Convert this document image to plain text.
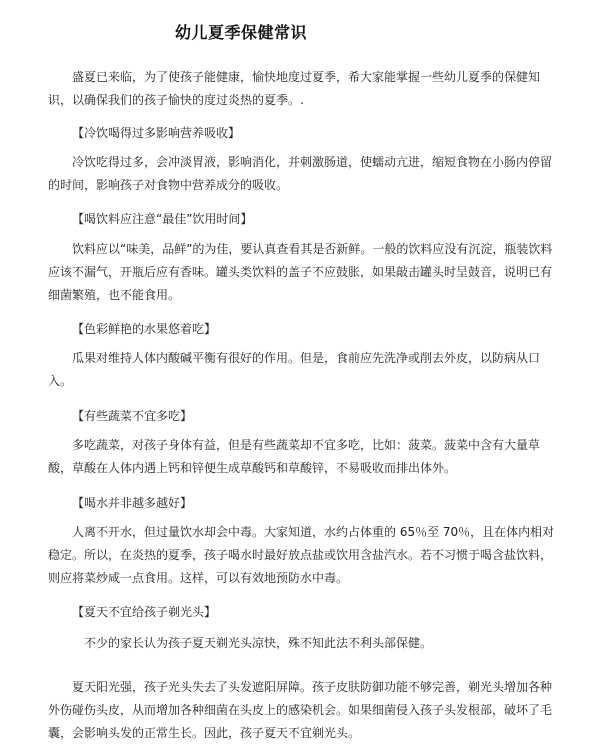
幼儿夏季保健常识

盛夏已来临，为了使孩子能健康，愉快地度过夏季，希大家能掌握一些幼儿夏季的保健知识，以确保我们的孩子愉快的度过炎热的夏季。.

【冷饮喝得过多影响营养吸收】

冷饮吃得过多，会冲淡胃液，影响消化，并刺激肠道，使蠕动亢进，缩短食物在小肠内停留的时间，影响孩子对食物中营养成分的吸收。

【喝饮料应注意“最佳”饮用时间】

饮料应以“味美，品鲜”的为佳，要认真查看其是否新鲜。一般的饮料应没有沉淀，瓶装饮料应该不漏气，开瓶后应有香味。罐头类饮料的盖子不应鼓胀，如果敲击罐头时呈鼓音，说明已有细菌繁殖，也不能食用。

【色彩鲜艳的水果悠着吃】

瓜果对维持人体内酸碱平衡有很好的作用。但是，食前应先洗净或削去外皮，以防病从口入。

【有些蔬菜不宜多吃】

多吃蔬菜，对孩子身体有益，但是有些蔬菜却不宜多吃，比如：菠菜。菠菜中含有大量草酸，草酸在人体内遇上钙和锌便生成草酸钙和草酸锌，不易吸收而排出体外。

【喝水并非越多越好】

人离不开水，但过量饮水却会中毒。大家知道，水约占体重的 65％至 70％，且在体内相对稳定。所以，在炎热的夏季，孩子喝水时最好放点盐或饮用含盐汽水。若不习惯于喝含盐饮料，则应将菜炒咸一点食用。这样，可以有效地预防水中毒。

【夏天不宜给孩子剃光头】

不少的家长认为孩子夏天剃光头凉快，殊不知此法不利头部保健。

夏天阳光强，孩子光头失去了头发遮阳屏障。孩子皮肤防御功能不够完善，剃光头增加各种外伤碰伤头皮，从而增加各种细菌在头皮上的感染机会。如果细菌侵入孩子头发根部，破坏了毛囊，会影响头发的正常生长。因此，孩子夏天不宜剃光头。
